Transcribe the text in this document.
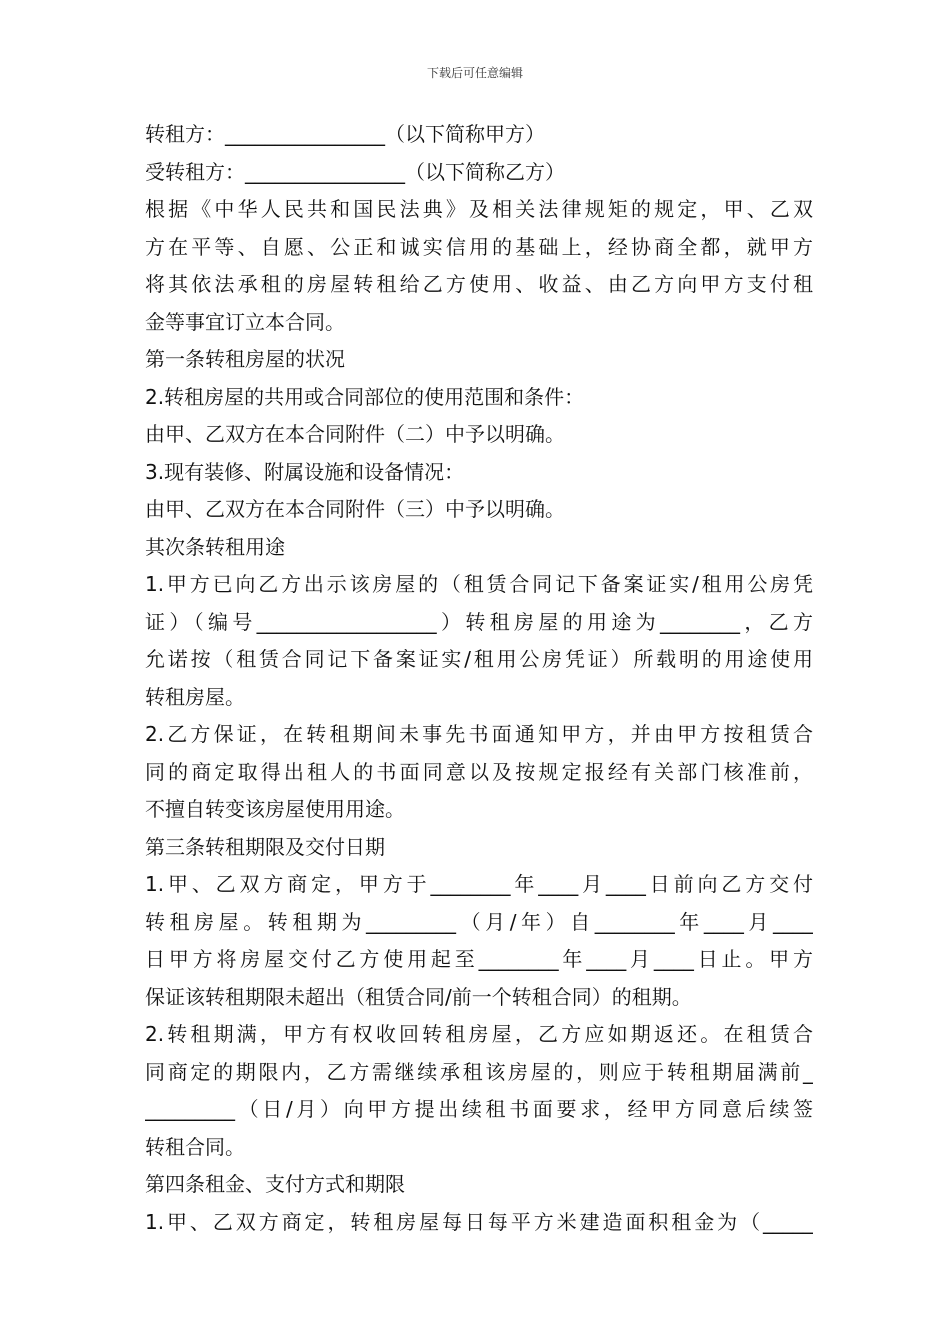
下载后可任意编辑
转租方：________________（以下简称甲方）
受转租方：________________（以下简称乙方）
根据《中华人民共和国民法典》及相关法律规矩的规定，甲、乙双
方在平等、自愿、公正和诚实信用的基础上，经协商全都，就甲方
将其依法承租的房屋转租给乙方使用、收益、由乙方向甲方支付租
金等事宜订立本合同。
第一条转租房屋的状况
2.转租房屋的共用或合同部位的使用范围和条件：
由甲、乙双方在本合同附件（二）中予以明确。
3.现有装修、附属设施和设备情况：
由甲、乙双方在本合同附件（三）中予以明确。
其次条转租用途
1.甲方已向乙方出示该房屋的（租赁合同记下备案证实/租用公房凭
证）（编号__________________）转租房屋的用途为________，乙方
允诺按（租赁合同记下备案证实/租用公房凭证）所载明的用途使用
转租房屋。
2.乙方保证，在转租期间未事先书面通知甲方，并由甲方按租赁合
同的商定取得出租人的书面同意以及按规定报经有关部门核准前，
不擅自转变该房屋使用用途。
第三条转租期限及交付日期
1.甲、乙双方商定，甲方于________年____月____日前向乙方交付
转租房屋。转租期为_________（月/年）自________年____月____
日甲方将房屋交付乙方使用起至________年____月____日止。甲方
保证该转租期限未超出（租赁合同/前一个转租合同）的租期。
2.转租期满，甲方有权收回转租房屋，乙方应如期返还。在租赁合
同商定的期限内，乙方需继续承租该房屋的，则应于转租期届满前_
_________（日/月）向甲方提出续租书面要求，经甲方同意后续签
转租合同。
第四条租金、支付方式和期限
1.甲、乙双方商定，转租房屋每日每平方米建造面积租金为（_____
